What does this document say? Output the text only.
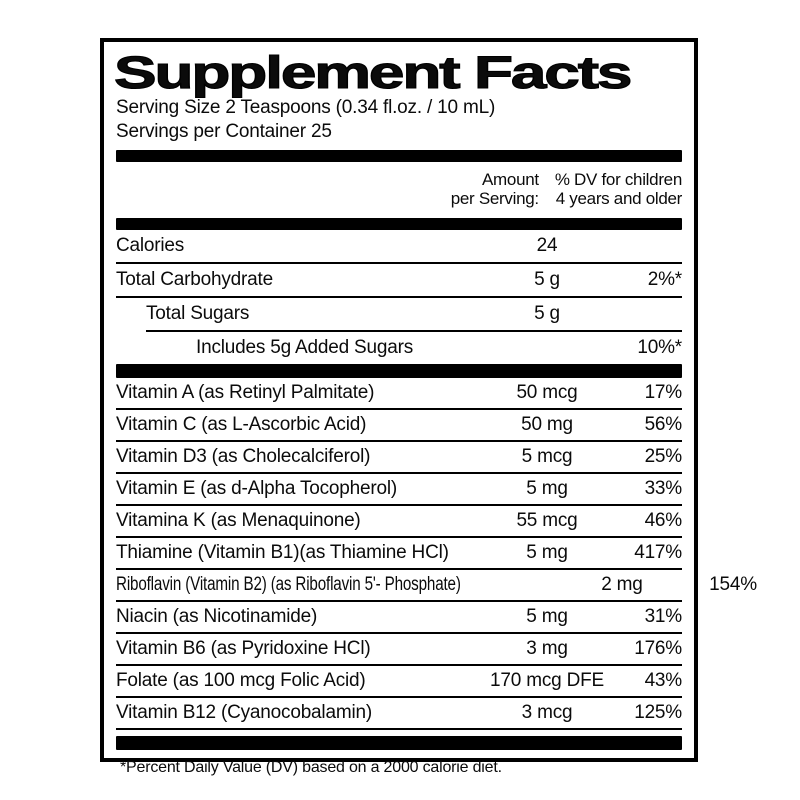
Supplement Facts
Serving Size 2 Teaspoons (0.34 fl.oz. / 10 mL)
Servings per Container 25
Amount
per Serving:
% DV for children
4 years and older
Calories	24
Total Carbohydrate	5 g	2%*
Total Sugars	5 g
Includes 5g Added Sugars	10%*
Vitamin A (as Retinyl Palmitate)	50 mcg	17%
Vitamin C (as L-Ascorbic Acid)	50 mg	56%
Vitamin D3 (as Cholecalciferol)	5 mcg	25%
Vitamin E (as d-Alpha Tocopherol)	5 mg	33%
Vitamina K (as Menaquinone)	55 mcg	46%
Thiamine (Vitamin B1)(as Thiamine HCl)	5 mg	417%
Riboflavin (Vitamin B2) (as Riboflavin 5'- Phosphate)	2 mg	154%
Niacin (as Nicotinamide)	5 mg	31%
Vitamin B6 (as Pyridoxine HCl)	3 mg	176%
Folate (as 100 mcg Folic Acid)	170 mcg DFE	43%
Vitamin B12 (Cyanocobalamin)	3 mcg	125%
*Percent Daily Value (DV) based on a 2000 calorie diet.
